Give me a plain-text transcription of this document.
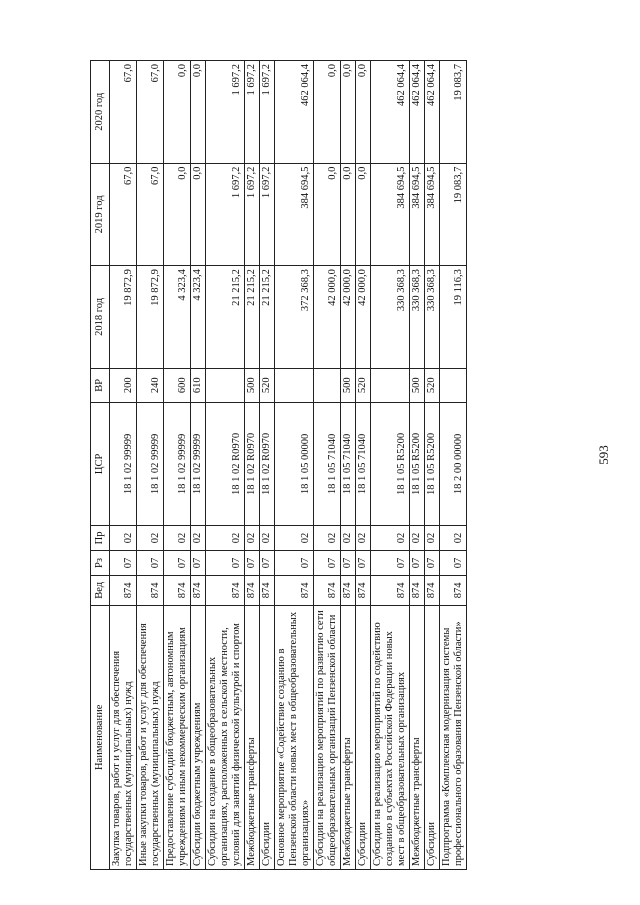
593
Наименование	Вед	Рз	Пр	ЦСР	ВР	2018 год	2019 год	2020 год
Закупка товаров, работ и услуг для обеспечения государственных (муниципальных) нужд	874	07	02	18 1 02 99999	200	19 872,9	67,0	67,0
Иные закупки товаров, работ и услуг для обеспечения государственных (муниципальных) нужд	874	07	02	18 1 02 99999	240	19 872,9	67,0	67,0
Предоставление субсидий бюджетным, автономным учреждениям и иным некоммерческим организациям	874	07	02	18 1 02 99999	600	4 323,4	0,0	0,0
Субсидии бюджетным учреждениям	874	07	02	18 1 02 99999	610	4 323,4	0,0	0,0
Субсидии на создание в общеобразовательных организациях, расположенных в сельской местности, условий для занятий физической культурой и спортом	874	07	02	18 1 02 R0970		21 215,2	1 697,2	1 697,2
Межбюджетные трансферты	874	07	02	18 1 02 R0970	500	21 215,2	1 697,2	1 697,2
Субсидии	874	07	02	18 1 02 R0970	520	21 215,2	1 697,2	1 697,2
Основное мероприятие «Содействие созданию в Пензенской области новых мест в общеобразовательных организациях»	874	07	02	18 1 05 00000		372 368,3	384 694,5	462 064,4
Субсидии на реализацию мероприятий по развитию сети общеобразовательных организаций Пензенской области	874	07	02	18 1 05 71040		42 000,0	0,0	0,0
Межбюджетные трансферты	874	07	02	18 1 05 71040	500	42 000,0	0,0	0,0
Субсидии	874	07	02	18 1 05 71040	520	42 000,0	0,0	0,0
Субсидии на реализацию мероприятий по содействию созданию в субъектах Российской Федерации новых мест в общеобразовательных организациях	874	07	02	18 1 05 R5200		330 368,3	384 694,5	462 064,4
Межбюджетные трансферты	874	07	02	18 1 05 R5200	500	330 368,3	384 694,5	462 064,4
Субсидии	874	07	02	18 1 05 R5200	520	330 368,3	384 694,5	462 064,4
Подпрограмма «Комплексная модернизация системы профессионального образования Пензенской области»	874	07	02	18 2 00 00000		19 116,3	19 083,7	19 083,7
